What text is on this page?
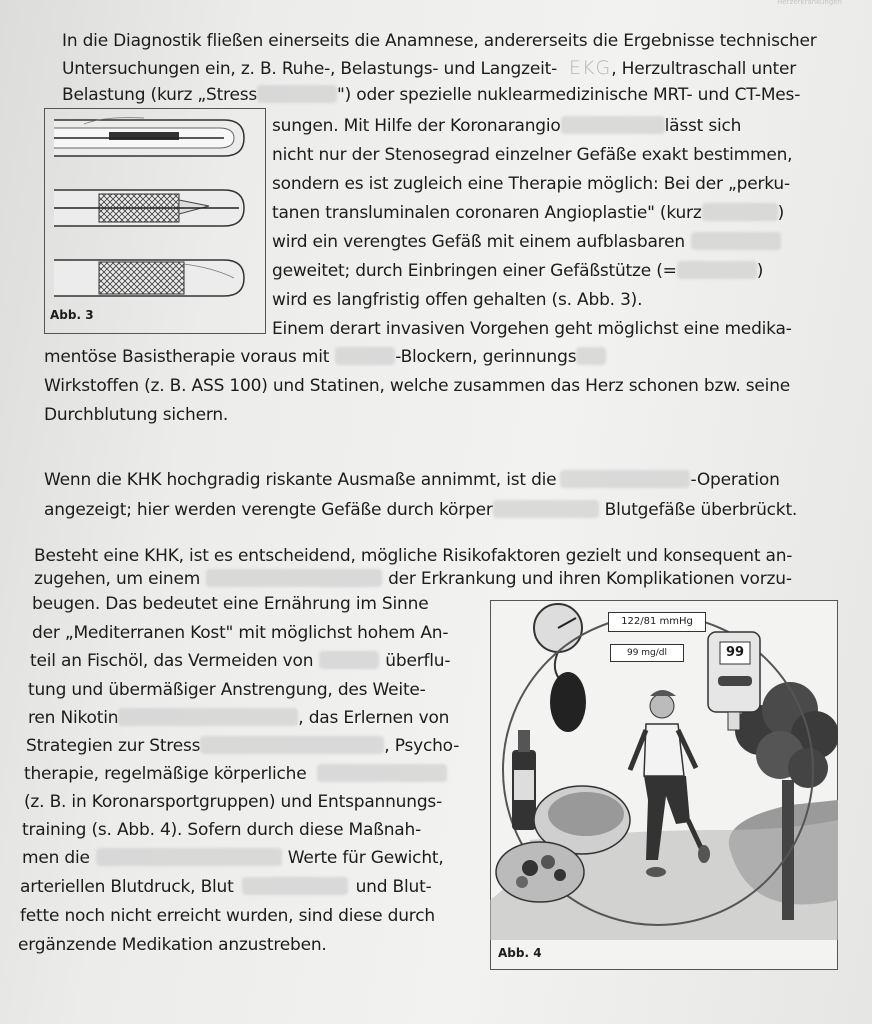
Herzerkrankungen
In die Diagnostik fließen einerseits die Anamnese, andererseits die Ergebnisse technischer
Untersuchungen ein, z. B. Ruhe-, Belastungs- und Langzeit- EKG, Herzultraschall unter
Belastung (kurz „Stress	") oder spezielle nuklearmedizinische MRT- und CT-Mes-
sungen. Mit Hilfe der Koronarangio	lässt sich
nicht nur der Stenosegrad einzelner Gefäße exakt bestimmen,
sondern es ist zugleich eine Therapie möglich: Bei der „perku-
tanen transluminalen coronaren Angioplastie" (kurz	)
wird ein verengtes Gefäß mit einem aufblasbaren
geweitet; durch Einbringen einer Gefäßstütze (=	)
wird es langfristig offen gehalten (s. Abb. 3).
Einem derart invasiven Vorgehen geht möglichst eine medika-
mentöse Basistherapie voraus mit	-Blockern, gerinnungs
Wirkstoffen (z. B. ASS 100) und Statinen, welche zusammen das Herz schonen bzw. seine
Durchblutung sichern.
Abb. 3
Wenn die KHK hochgradig riskante Ausmaße annimmt, ist die	-Operation
angezeigt; hier werden verengte Gefäße durch körper	Blutgefäße überbrückt.
Besteht eine KHK, ist es entscheidend, mögliche Risikofaktoren gezielt und konsequent an-
zugehen, um einem	der Erkrankung und ihren Komplikationen vorzu-
beugen. Das bedeutet eine Ernährung im Sinne
der „Mediterranen Kost" mit möglichst hohem An-
teil an Fischöl, das Vermeiden von	überflu-
tung und übermäßiger Anstrengung, des Weite-
ren Nikotin	, das Erlernen von
Strategien zur Stress	, Psycho-
therapie, regelmäßige körperliche
(z. B. in Koronarsportgruppen) und Entspannungs-
training (s. Abb. 4). Sofern durch diese Maßnah-
men die	Werte für Gewicht,
arteriellen Blutdruck, Blut	und Blut-
fette noch nicht erreicht wurden, sind diese durch
ergänzende Medikation anzustreben.
122/81 mmHg
99 mg/dl	99
Abb. 4
